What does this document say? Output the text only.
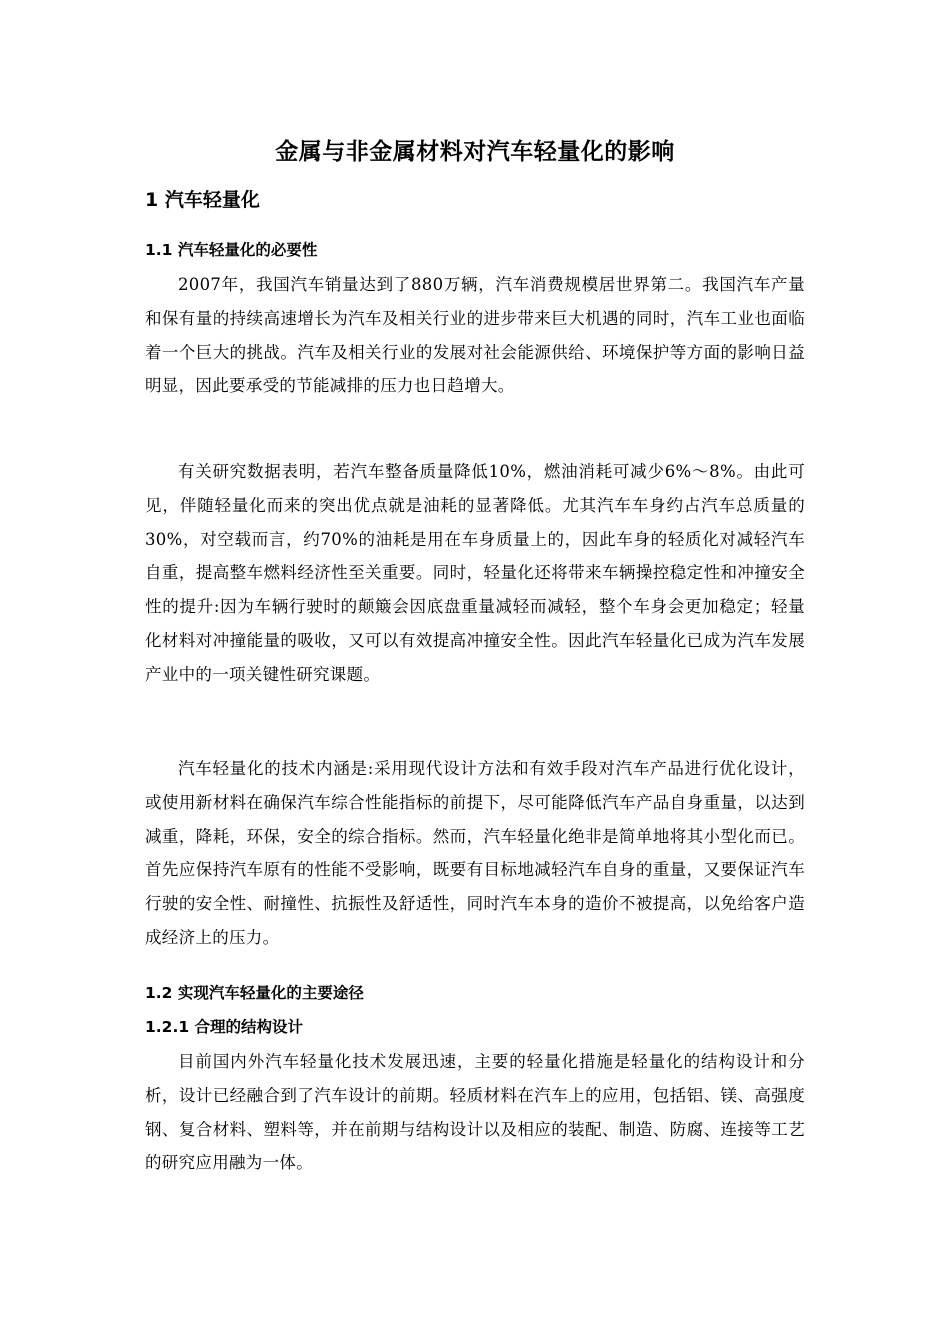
金属与非金属材料对汽车轻量化的影响
1 汽车轻量化
1.1 汽车轻量化的必要性

2007年，我国汽车销量达到了880万辆，汽车消费规模居世界第二。我国汽车产量和保有量的持续高速增长为汽车及相关行业的进步带来巨大机遇的同时，汽车工业也面临着一个巨大的挑战。汽车及相关行业的发展对社会能源供给、环境保护等方面的影响日益明显，因此要承受的节能减排的压力也日趋增大。

有关研究数据表明，若汽车整备质量降低10%，燃油消耗可减少6%～8%。由此可见，伴随轻量化而来的突出优点就是油耗的显著降低。尤其汽车车身约占汽车总质量的30%，对空载而言，约70%的油耗是用在车身质量上的，因此车身的轻质化对减轻汽车自重，提高整车燃料经济性至关重要。同时，轻量化还将带来车辆操控稳定性和冲撞安全性的提升:因为车辆行驶时的颠簸会因底盘重量减轻而减轻，整个车身会更加稳定；轻量化材料对冲撞能量的吸收，又可以有效提高冲撞安全性。因此汽车轻量化已成为汽车发展产业中的一项关键性研究课题。

汽车轻量化的技术内涵是:采用现代设计方法和有效手段对汽车产品进行优化设计，或使用新材料在确保汽车综合性能指标的前提下，尽可能降低汽车产品自身重量，以达到减重，降耗，环保，安全的综合指标。然而，汽车轻量化绝非是简单地将其小型化而已。首先应保持汽车原有的性能不受影响，既要有目标地减轻汽车自身的重量，又要保证汽车行驶的安全性、耐撞性、抗振性及舒适性，同时汽车本身的造价不被提高，以免给客户造成经济上的压力。

1.2 实现汽车轻量化的主要途径
1.2.1 合理的结构设计

目前国内外汽车轻量化技术发展迅速，主要的轻量化措施是轻量化的结构设计和分析，设计已经融合到了汽车设计的前期。轻质材料在汽车上的应用，包括铝、镁、高强度钢、复合材料、塑料等，并在前期与结构设计以及相应的装配、制造、防腐、连接等工艺的研究应用融为一体。
